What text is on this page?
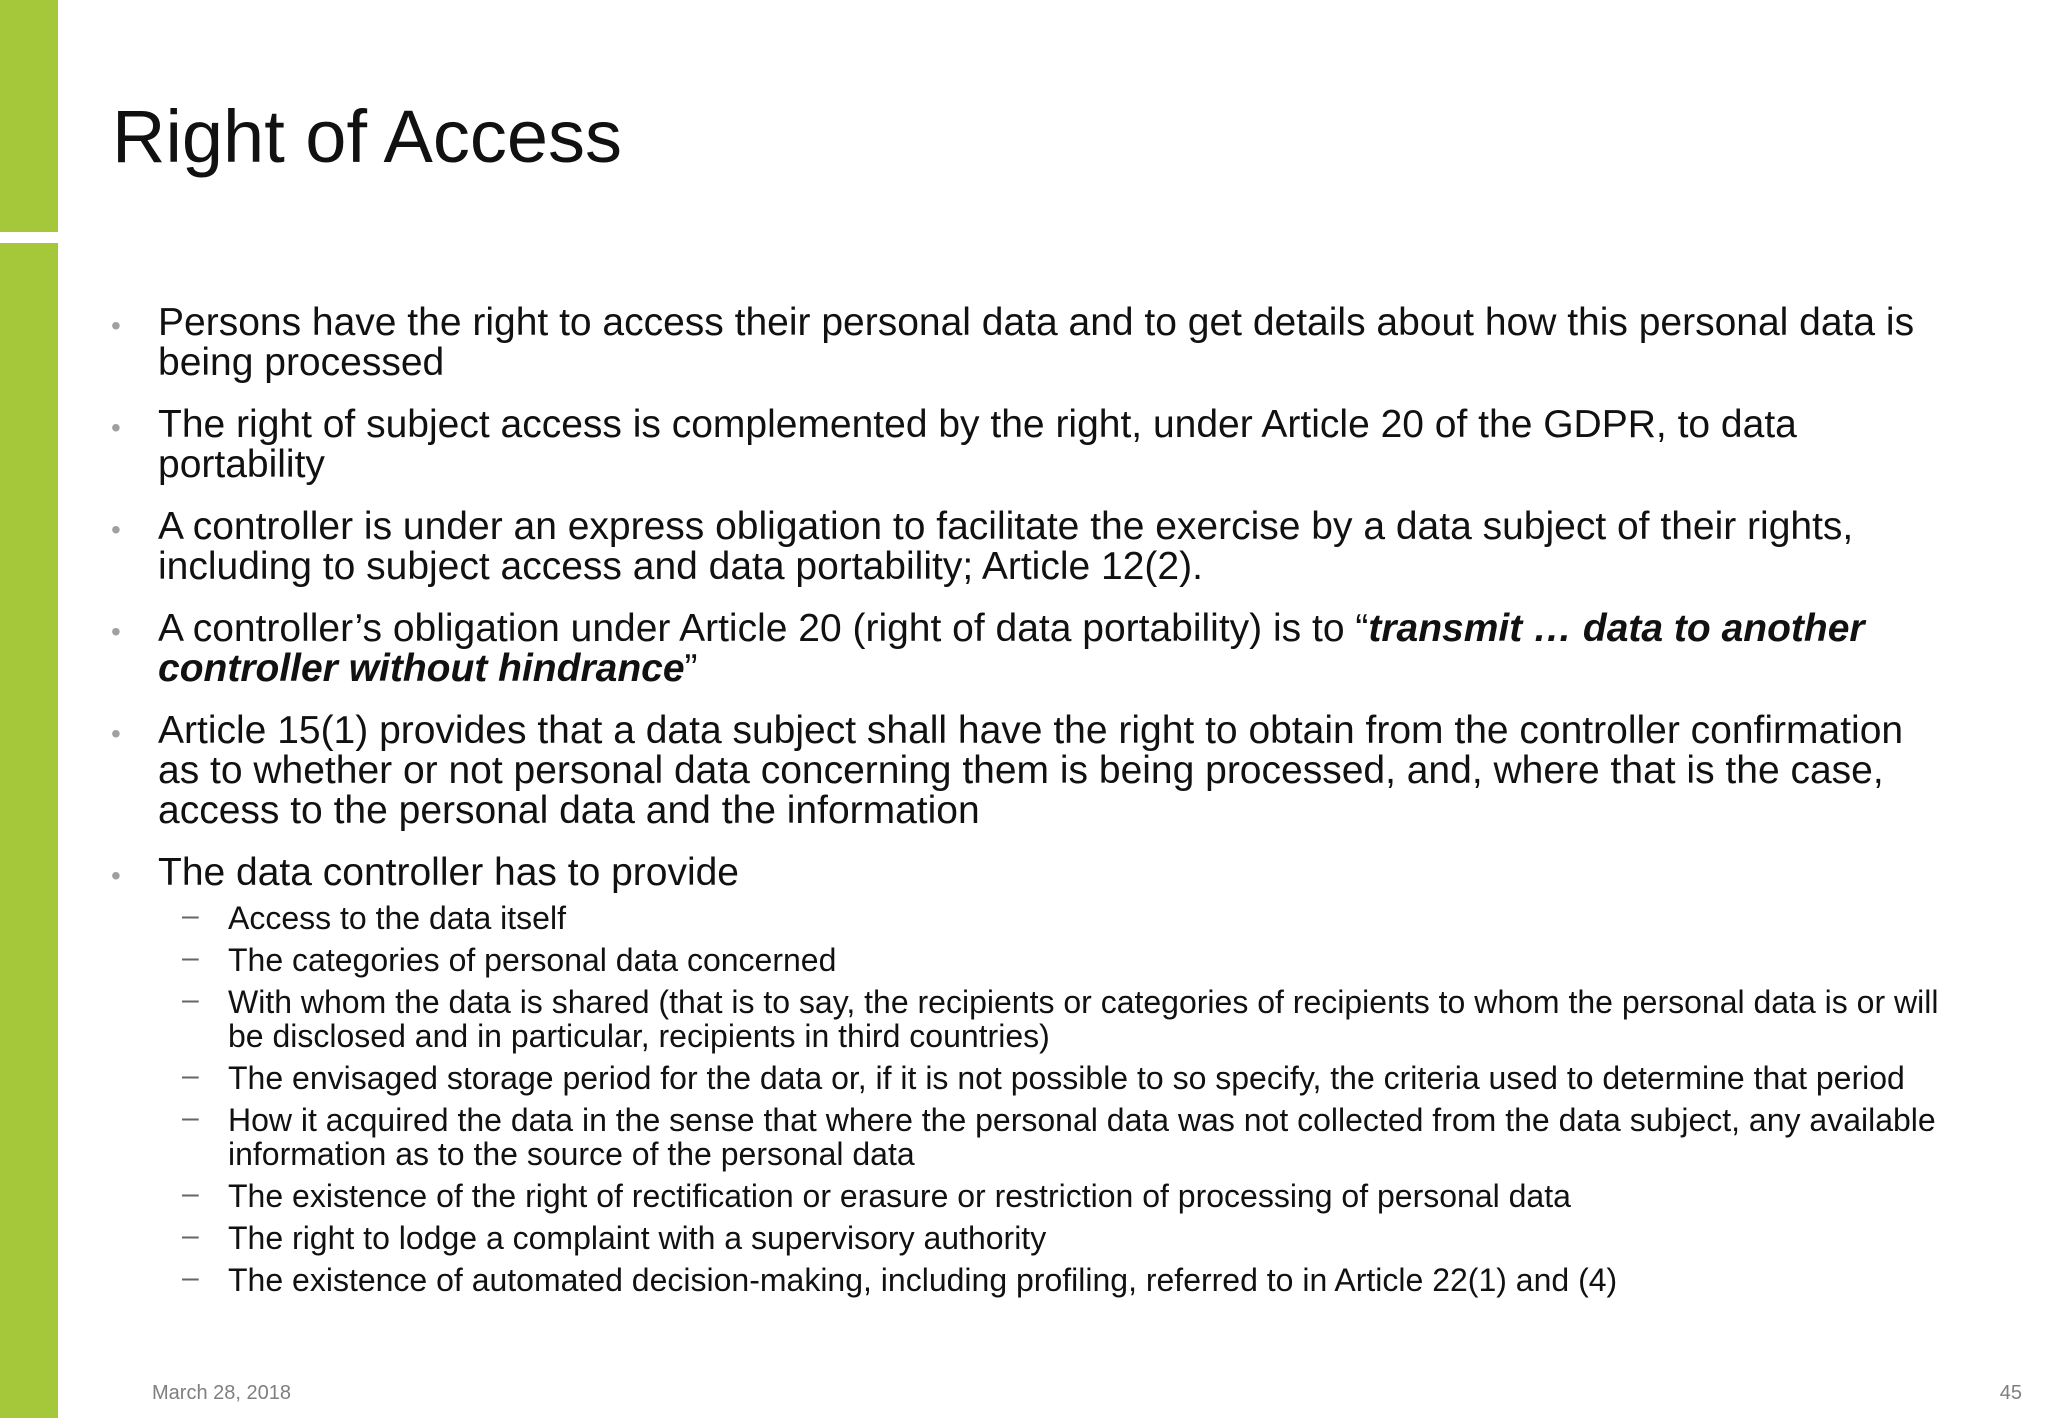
Right of Access
• Persons have the right to access their personal data and to get details about how this personal data is being processed
• The right of subject access is complemented by the right, under Article 20 of the GDPR, to data portability
• A controller is under an express obligation to facilitate the exercise by a data subject of their rights, including to subject access and data portability; Article 12(2).
• A controller’s obligation under Article 20 (right of data portability) is to “transmit … data to another controller without hindrance”
• Article 15(1) provides that a data subject shall have the right to obtain from the controller confirmation as to whether or not personal data concerning them is being processed, and, where that is the case, access to the personal data and the information
• The data controller has to provide
– Access to the data itself
– The categories of personal data concerned
– With whom the data is shared (that is to say, the recipients or categories of recipients to whom the personal data is or will be disclosed and in particular, recipients in third countries)
– The envisaged storage period for the data or, if it is not possible to so specify, the criteria used to determine that period
– How it acquired the data in the sense that where the personal data was not collected from the data subject, any available information as to the source of the personal data
– The existence of the right of rectification or erasure or restriction of processing of personal data
– The right to lodge a complaint with a supervisory authority
– The existence of automated decision-making, including profiling, referred to in Article 22(1) and (4)
March 28, 2018	45
